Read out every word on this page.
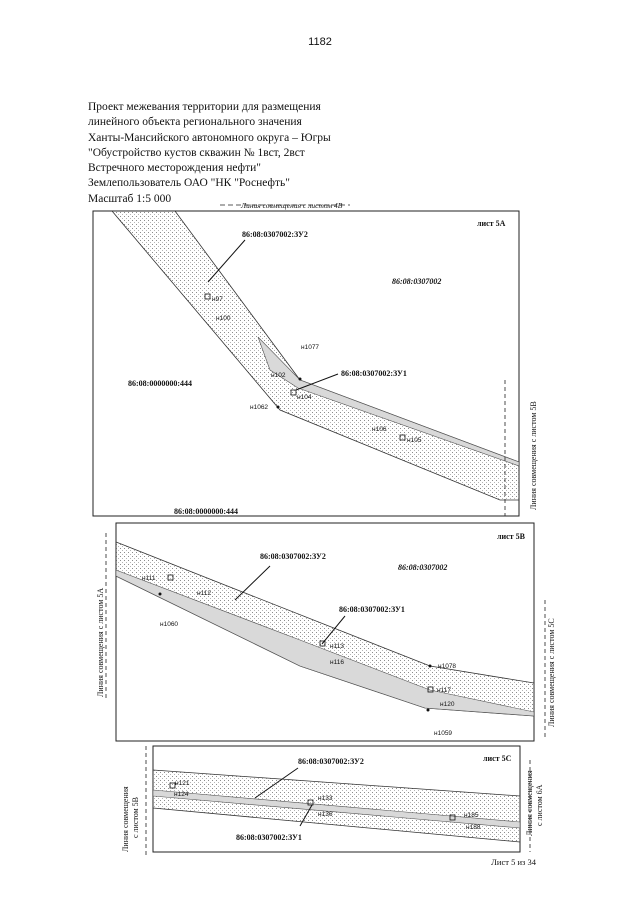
1182
Проект межевания территории для размещения
линейного объекта регионального значения
Ханты-Мансийского автономного округа – Югры
"Обустройство кустов скважин № 1вст, 2вст
Встречного месторождения нефти"
Землепользователь ОАО "НК "Роснефть"
Масштаб 1:5 000
Линия совмещения с листом 4В
лист 5А
86:08:0307002:ЗУ2
86:08:0307002
86:08:0000000:444
86:08:0307002:ЗУ1
86:08:0000000:444
н97
н100
н1077
н102
н104
н1062
н106
н105
лист 5В
86:08:0307002:ЗУ2
86:08:0307002
86:08:0307002:ЗУ1
н111
н112
н1060
н113
н116
н1078
н117
н120
н1059
лист 5С
86:08:0307002:ЗУ2
86:08:0307002:ЗУ1
н121
н124
н133
н136	н185
н188
Линия совмещения с листом 5В
Линия совмещения с листом 5А	Линия совмещения с листом 5С
Линия совмещения с листом 5В	Линия совмещения с листом 6А
Лист 5 из 34
